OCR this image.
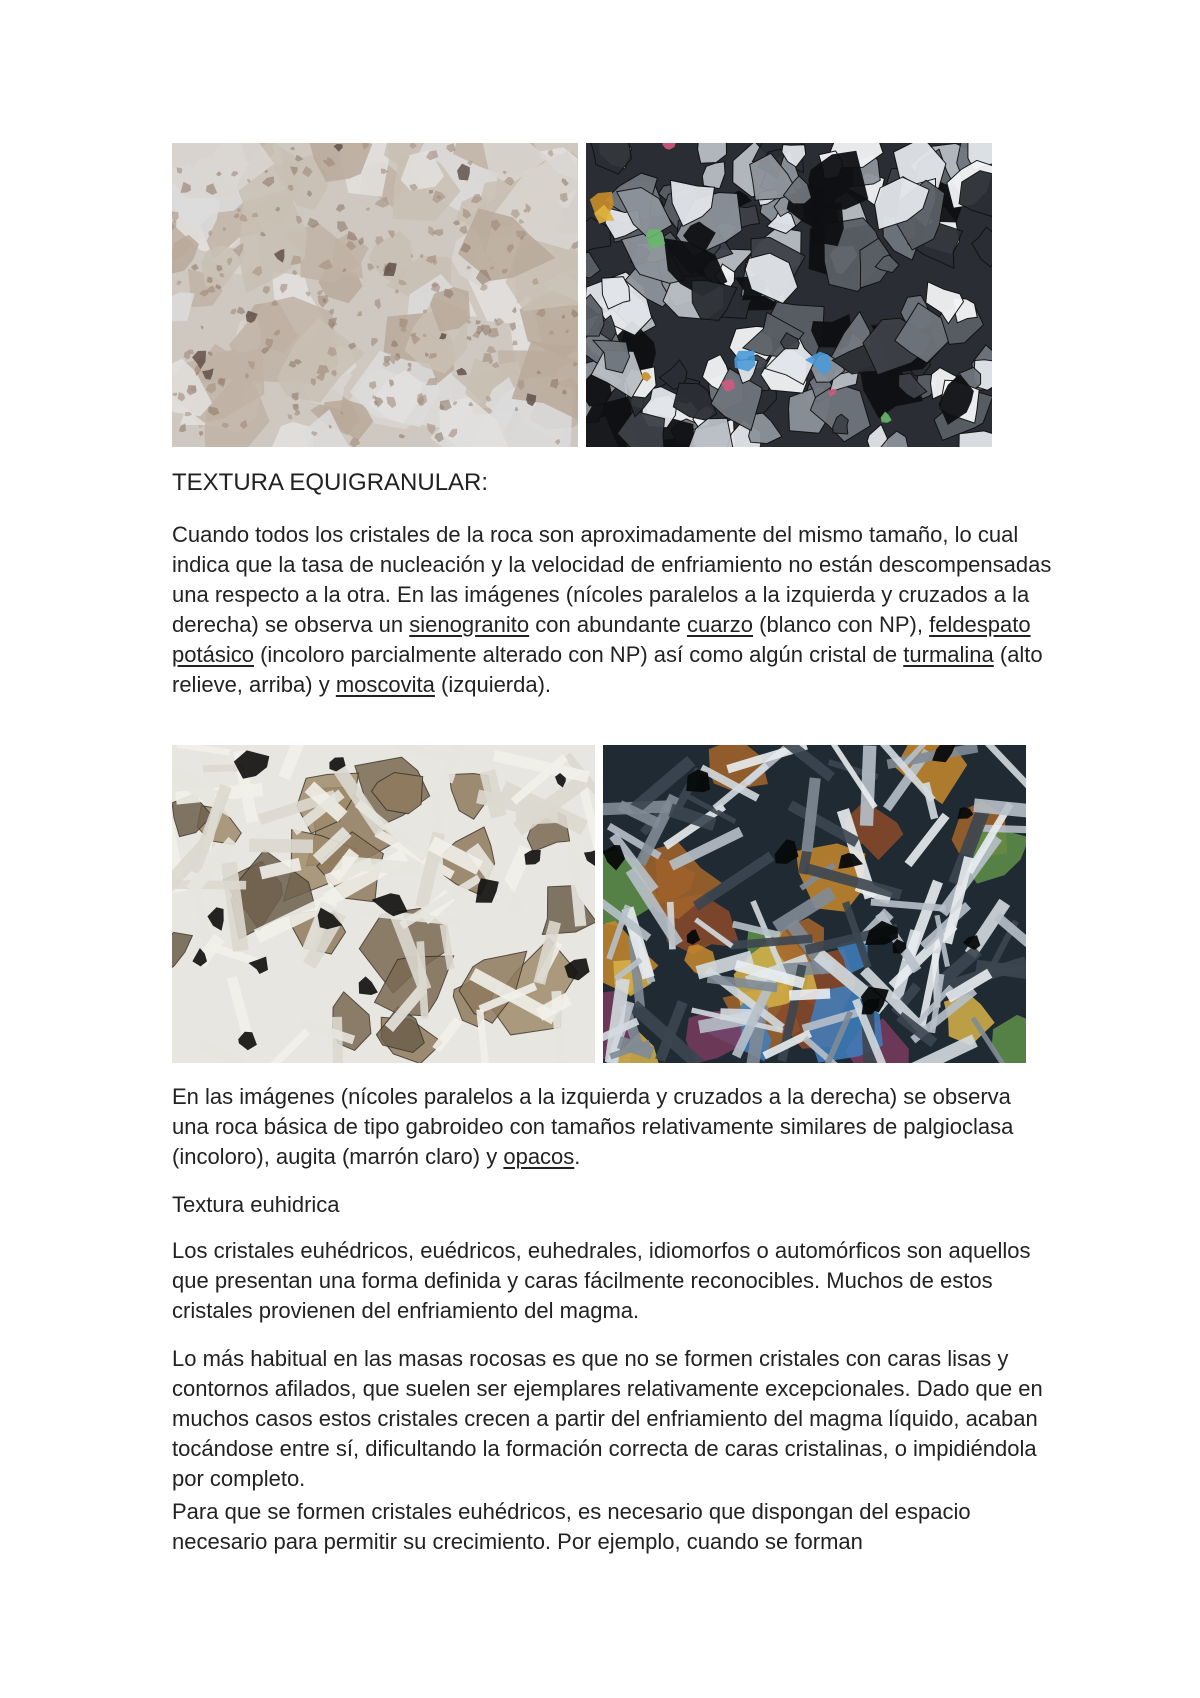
TEXTURA EQUIGRANULAR:

Cuando todos los cristales de la roca son aproximadamente del mismo tamaño, lo cual indica que la tasa de nucleación y la velocidad de enfriamiento no están descompensadas una respecto a la otra. En las imágenes (nícoles paralelos a la izquierda y cruzados a la derecha) se observa un sienogranito con abundante cuarzo (blanco con NP), feldespato potásico (incoloro parcialmente alterado con NP) así como algún cristal de turmalina (alto relieve, arriba) y moscovita (izquierda).

En las imágenes (nícoles paralelos a la izquierda y cruzados a la derecha) se observa una roca básica de tipo gabroideo con tamaños relativamente similares de palgioclasa (incoloro), augita (marrón claro) y opacos.

Textura euhidrica
Los cristales euhédricos, euédricos, euhedrales, idiomorfos o automórficos son aquellos que presentan una forma definida y caras fácilmente reconocibles. Muchos de estos cristales provienen del enfriamiento del magma.
Lo más habitual en las masas rocosas es que no se formen cristales con caras lisas y contornos afilados, que suelen ser ejemplares relativamente excepcionales. Dado que en muchos casos estos cristales crecen a partir del enfriamiento del magma líquido, acaban tocándose entre sí, dificultando la formación correcta de caras cristalinas, o impidiéndola por completo.
Para que se formen cristales euhédricos, es necesario que dispongan del espacio necesario para permitir su crecimiento. Por ejemplo, cuando se forman
